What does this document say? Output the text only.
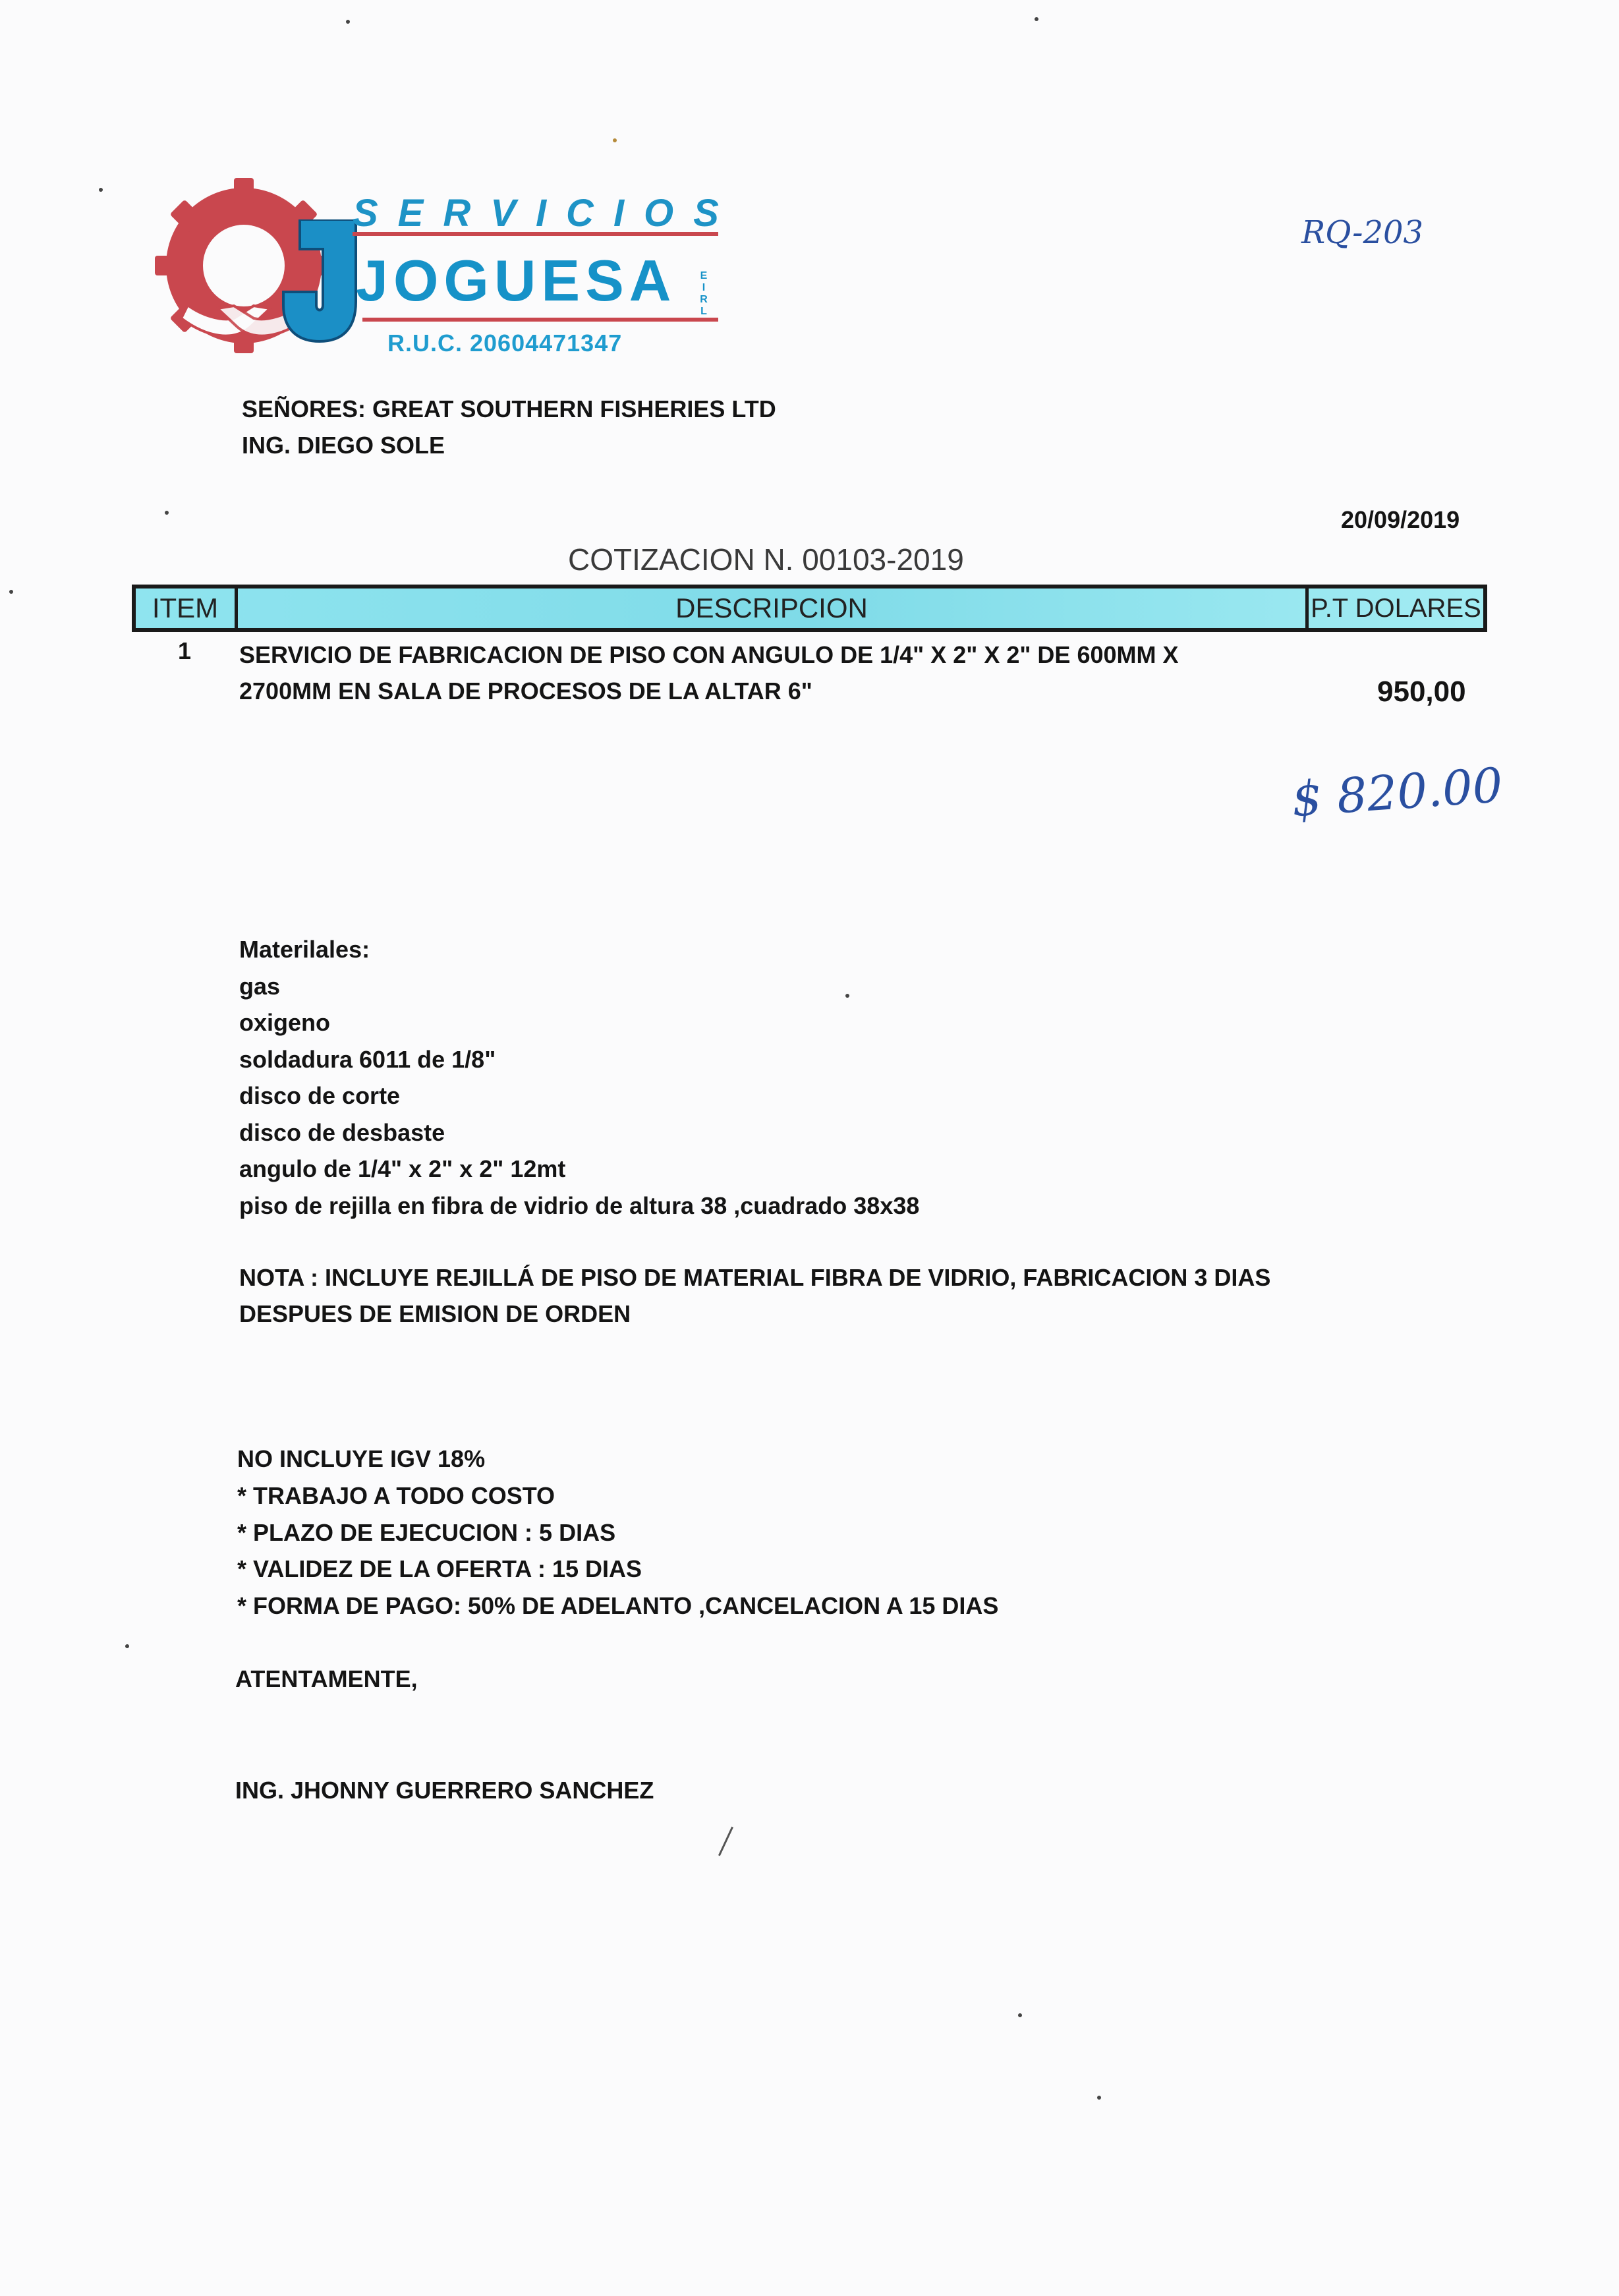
SERVICIOS
JOGUESA E
I
R
L
R.U.C. 20604471347
RQ-203
SEÑORES: GREAT SOUTHERN FISHERIES LTD
ING. DIEGO SOLE
20/09/2019
COTIZACION N. 00103-2019
ITEM	DESCRIPCION	P.T DOLARES
1 SERVICIO DE FABRICACION DE PISO CON ANGULO DE 1/4" X 2" X 2" DE 600MM X
2700MM EN SALA DE PROCESOS DE LA ALTAR 6"	950,00
$ 820.00
Materilales:
gas
oxigeno
soldadura 6011 de 1/8"
disco de corte
disco de desbaste
angulo de 1/4" x 2" x 2" 12mt
piso de rejilla en fibra de vidrio de altura 38 ,cuadrado 38x38
NOTA : INCLUYE REJILLÁ DE PISO DE MATERIAL FIBRA DE VIDRIO, FABRICACION 3 DIAS
DESPUES DE EMISION DE ORDEN
NO INCLUYE IGV 18%
* TRABAJO A TODO COSTO
* PLAZO DE EJECUCION : 5 DIAS
* VALIDEZ DE LA OFERTA : 15 DIAS
* FORMA DE PAGO: 50% DE ADELANTO ,CANCELACION A 15 DIAS
ATENTAMENTE,
ING. JHONNY GUERRERO SANCHEZ
